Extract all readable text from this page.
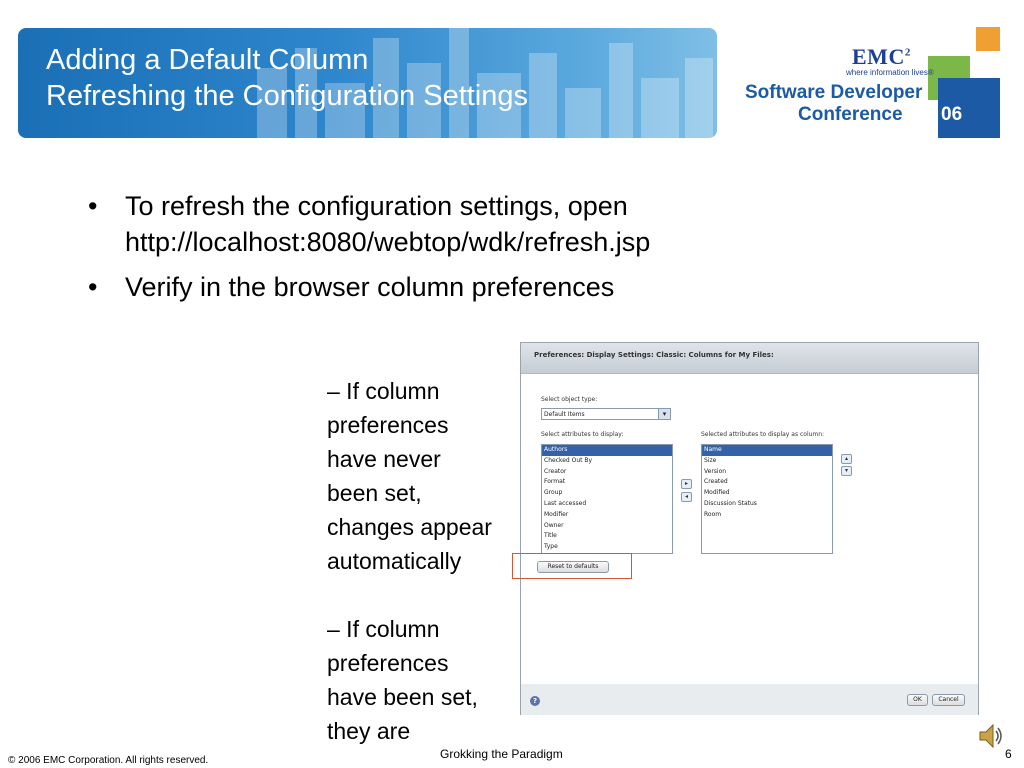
Adding a Default Column
Refreshing the Configuration Settings
EMC$^2$
where information lives®
Software Developer
Conference 06
• To refresh the configuration settings, open http://localhost:8080/webtop/wdk/refresh.jsp
• Verify in the browser column preferences

– If column preferences have never been set, changes appear automatically

– If column preferences have been set, they are

Preferences: Display Settings: Classic: Columns for My Files:
Select object type:
Default Items	▾
Select attributes to display:	Selected attributes to display as column:
Authors
Checked Out By
Creator
Format
Group
Last accessed
Modifier
Owner
Title
Type
▸
◂
Name
Size
Version
Created
Modified
Discussion Status
Room
▴
▾
Reset to defaults
?	OK	Cancel
© 2006 EMC Corporation. All rights reserved.	Grokking the Paradigm	6
